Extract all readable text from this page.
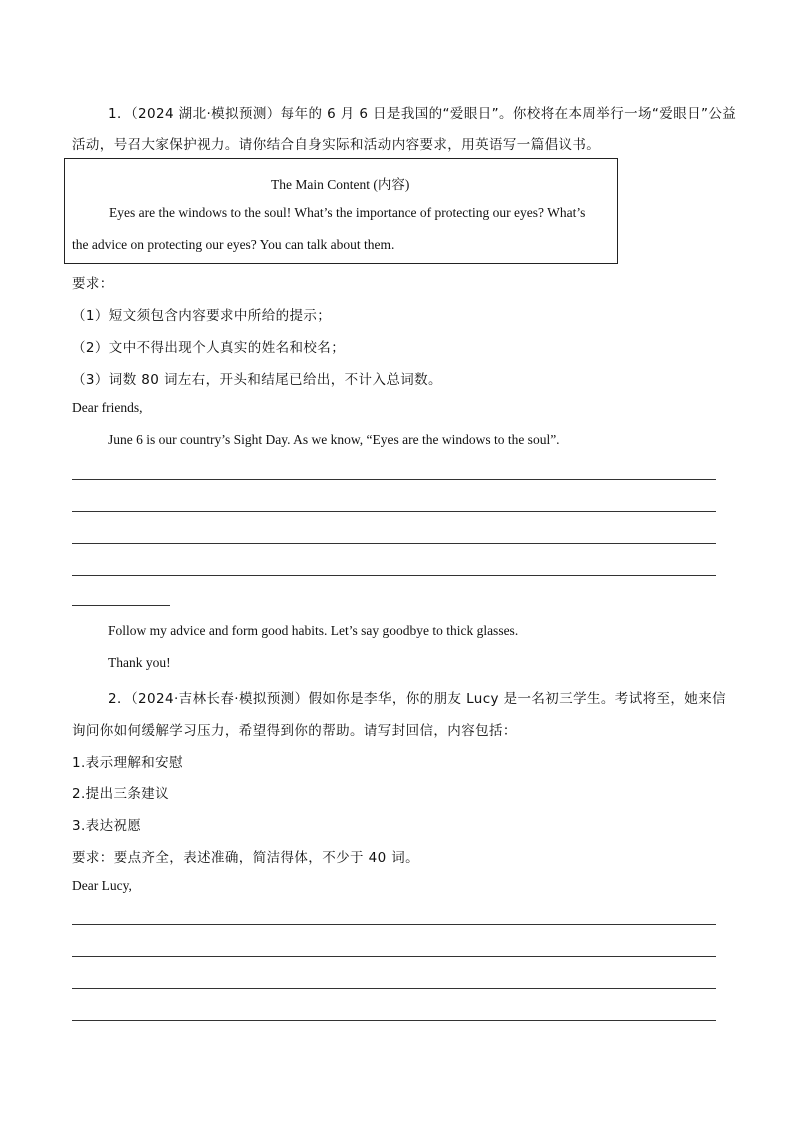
1．（2024 湖北·模拟预测）每年的 6 月 6 日是我国的“爱眼日”。你校将在本周举行一场“爱眼日”公益
活动，号召大家保护视力。请你结合自身实际和活动内容要求，用英语写一篇倡议书。
The Main Content (内容)
Eyes are the windows to the soul! What’s the importance of protecting our eyes? What’s
the advice on protecting our eyes? You can talk about them.
要求：
（1）短文须包含内容要求中所给的提示；
（2）文中不得出现个人真实的姓名和校名；
（3）词数 80 词左右，开头和结尾已给出，不计入总词数。
Dear friends,
June 6 is our country’s Sight Day. As we know, “Eyes are the windows to the soul”.
Follow my advice and form good habits. Let’s say goodbye to thick glasses.
Thank you!
2．（2024·吉林长春·模拟预测）假如你是李华，你的朋友 Lucy 是一名初三学生。考试将至，她来信
询问你如何缓解学习压力，希望得到你的帮助。请写封回信，内容包括：
1.表示理解和安慰
2.提出三条建议
3.表达祝愿
要求：要点齐全，表述准确，简洁得体，不少于 40 词。
Dear Lucy,
